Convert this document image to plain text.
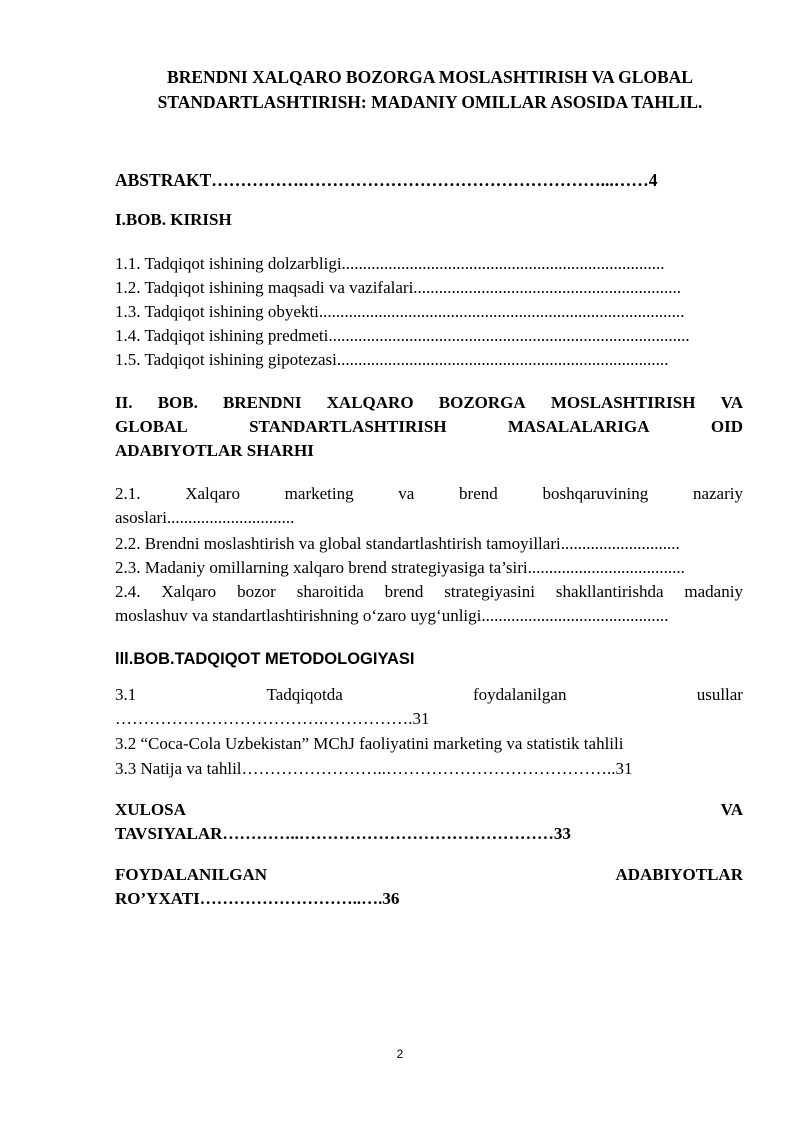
BRENDNI XALQARO BOZORGA MOSLASHTIRISH VA GLOBAL
STANDARTLASHTIRISH: MADANIY OMILLAR ASOSIDA TAHLIL.
ABSTRAKT…………….……………………………………………...……4
I.BOB. KIRISH
1.1. Tadqiqot ishining dolzarbligi............................................................................
1.2. Tadqiqot ishining maqsadi va vazifalari...............................................................
1.3. Tadqiqot ishining obyekti......................................................................................
1.4. Tadqiqot ishining predmeti.....................................................................................
1.5. Tadqiqot ishining gipotezasi..............................................................................
II. BOB. BRENDNI XALQARO BOZORGA MOSLASHTIRISH VA
GLOBAL	STANDARTLASHTIRISH	MASALALARIGA	OID
ADABIYOTLAR SHARHI
2.1.	Xalqaro	marketing	va	brend	boshqaruvining	nazariy
asoslari..............................
2.2. Brendni moslashtirish va global standartlashtirish tamoyillari............................
2.3. Madaniy omillarning xalqaro brend strategiyasiga ta’siri.....................................
2.4. Xalqaro bozor sharoitida brend strategiyasini shakllantirishda madaniy
moslashuv va standartlashtirishning o‘zaro uyg‘unligi............................................
lll.BOB.TADQIQOT METODOLOGIYASI
3.1	Tadqiqotda	foydalanilgan	usullar
……………………………….…………….31
3.2 “Coca-Cola Uzbekistan” MChJ faoliyatini marketing va statistik tahlili
3.3 Natija va tahlil……………………..…………………………………..31
XULOSA	VA
TAVSIYALAR…………..………………………………………33
FOYDALANILGAN	ADABIYOTLAR
RO’YXATI………………………..….36
2
